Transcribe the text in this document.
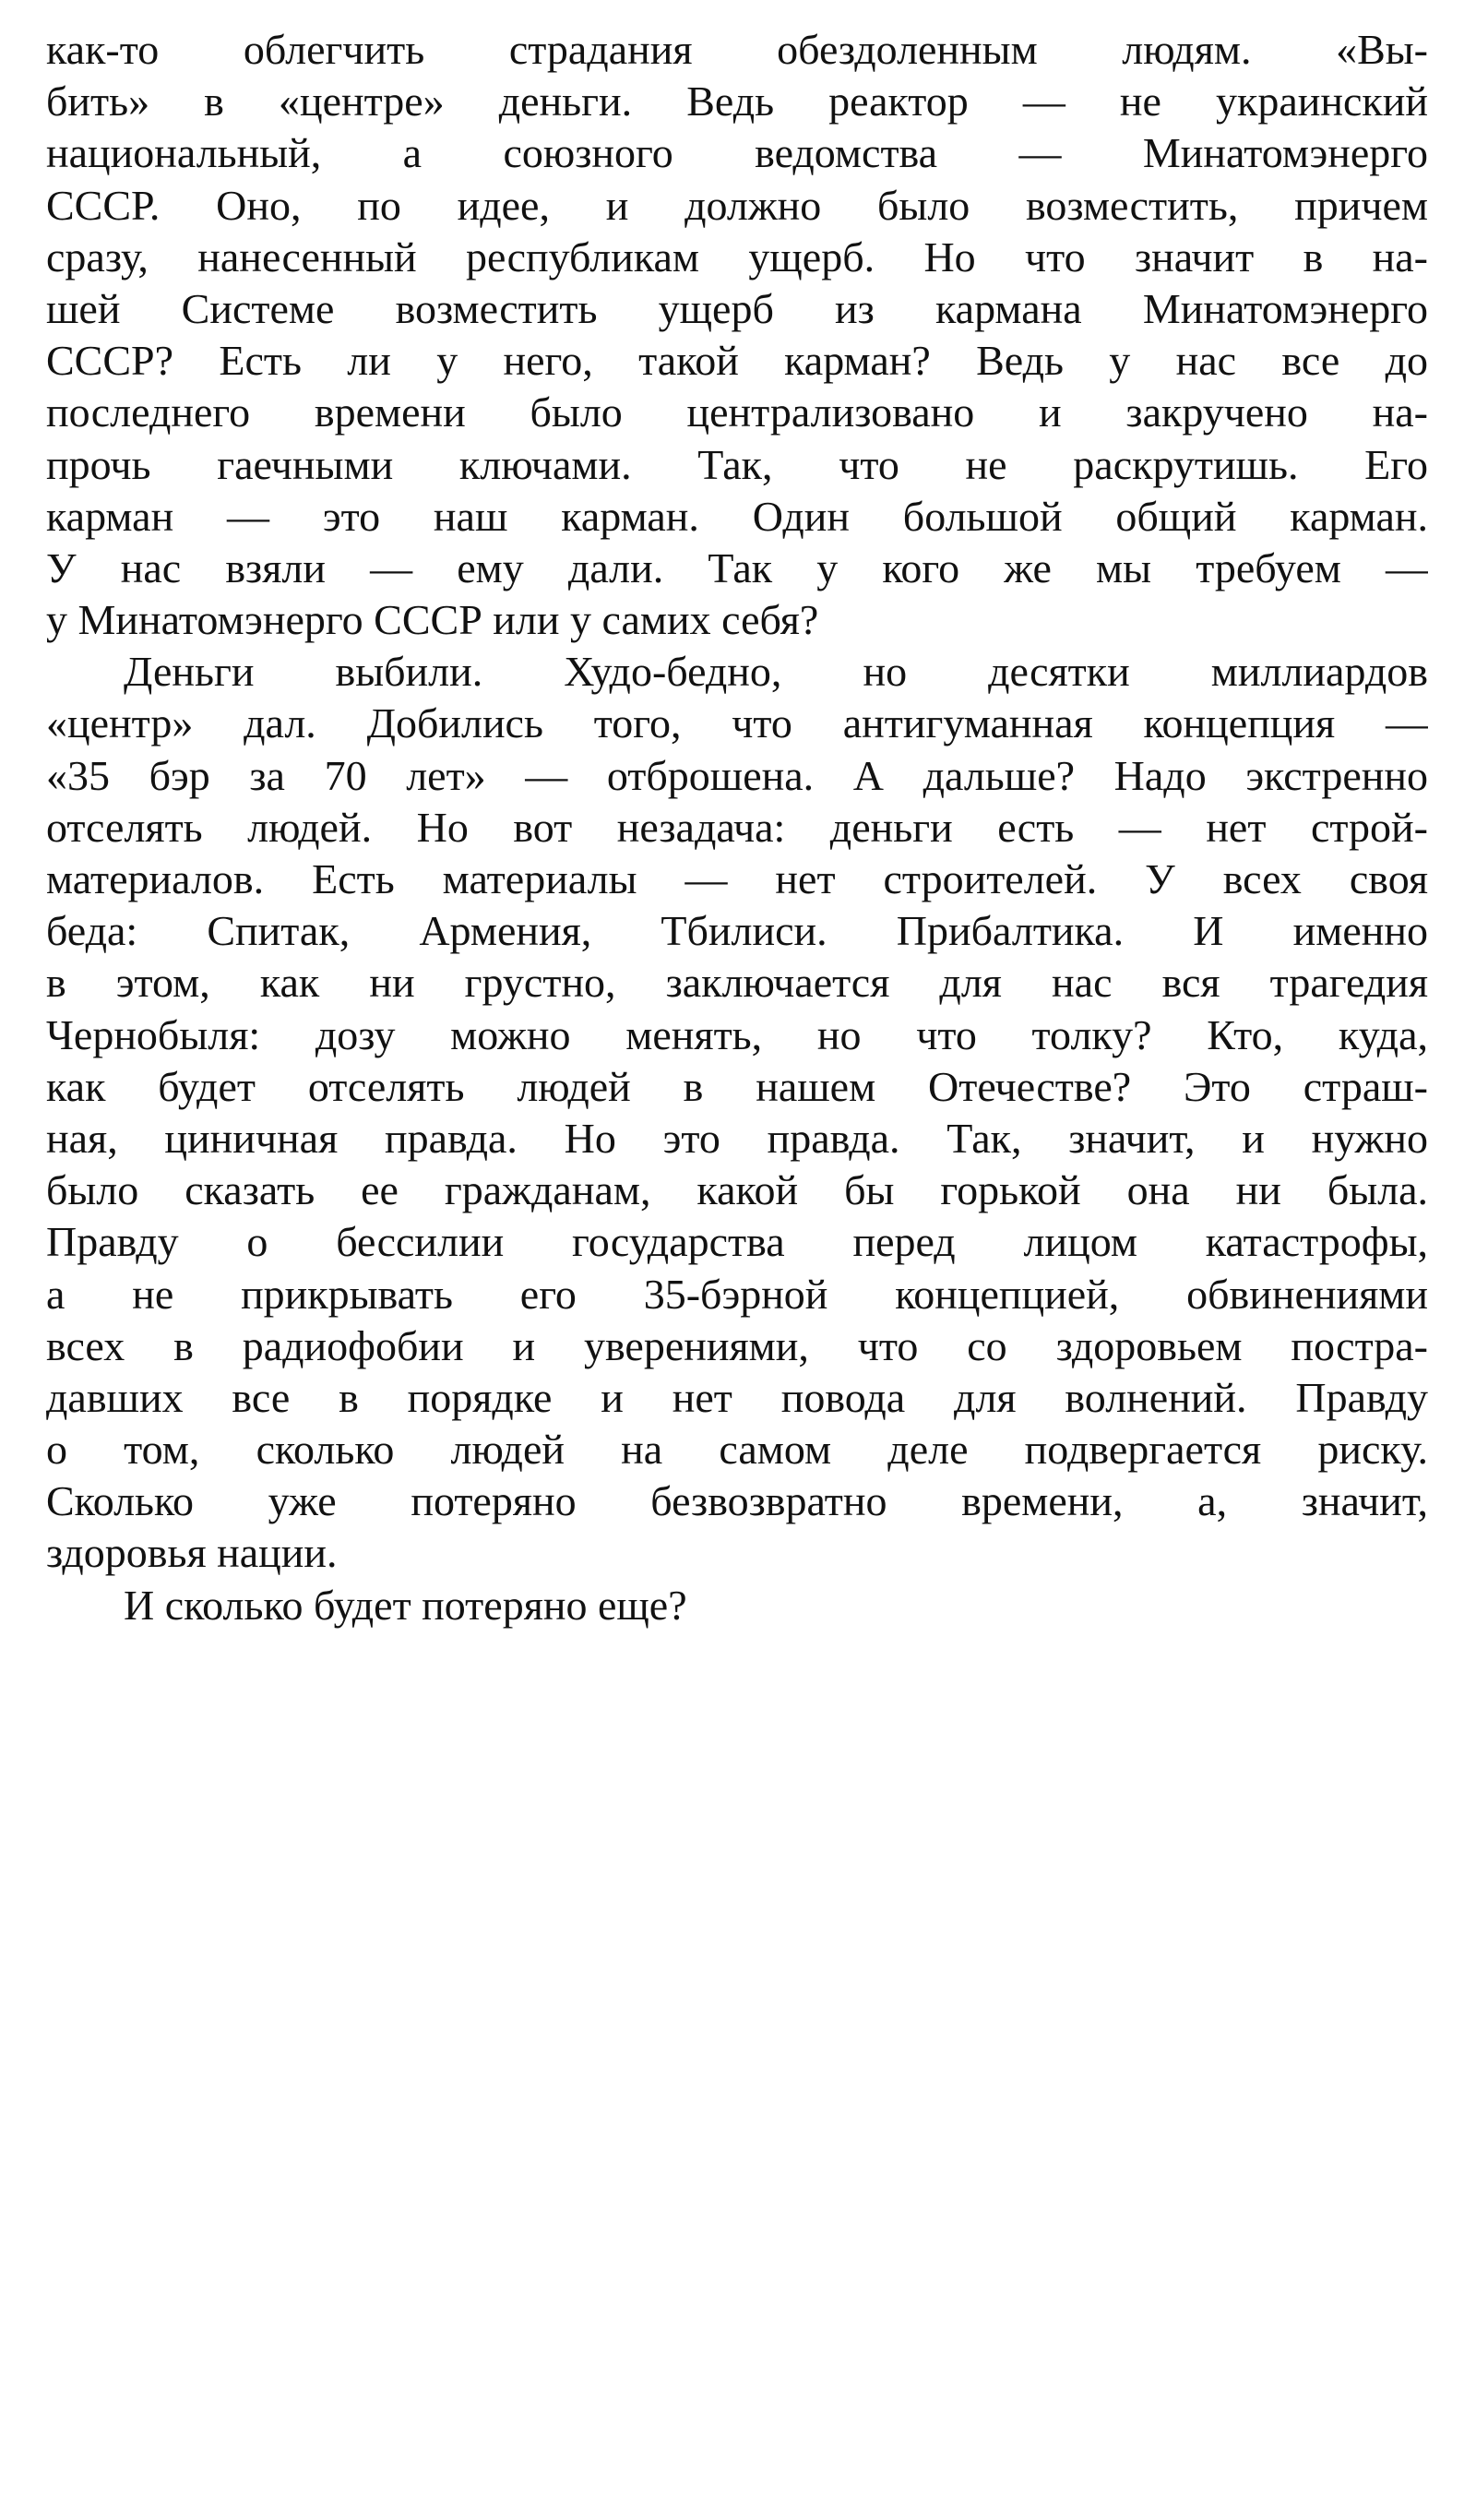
как-то облегчить страдания обездоленным людям. «Вы-
бить» в «центре» деньги. Ведь реактор — не украинский
национальный, а союзного ведомства — Минатомэнерго
СССР. Оно, по идее, и должно было возместить, причем
сразу, нанесенный республикам ущерб. Но что значит в на-
шей Системе возместить ущерб из кармана Минатомэнерго
СССР? Есть ли у него, такой карман? Ведь у нас все до
последнего времени было централизовано и закручено на-
прочь гаечными ключами. Так, что не раскрутишь. Его
карман — это наш карман. Один большой общий карман.
У нас взяли — ему дали. Так у кого же мы требуем —
у Минатомэнерго СССР или у самих себя?
Деньги выбили. Худо-бедно, но десятки миллиардов
«центр» дал. Добились того, что антигуманная концепция —
«35 бэр за 70 лет» — отброшена. А дальше? Надо экстренно
отселять людей. Но вот незадача: деньги есть — нет строй-
материалов. Есть материалы — нет строителей. У всех своя
беда: Спитак, Армения, Тбилиси. Прибалтика. И именно
в этом, как ни грустно, заключается для нас вся трагедия
Чернобыля: дозу можно менять, но что толку? Кто, куда,
как будет отселять людей в нашем Отечестве? Это страш-
ная, циничная правда. Но это правда. Так, значит, и нужно
было сказать ее гражданам, какой бы горькой она ни была.
Правду о бессилии государства перед лицом катастрофы,
а не прикрывать его 35-бэрной концепцией, обвинениями
всех в радиофобии и уверениями, что со здоровьем постра-
давших все в порядке и нет повода для волнений. Правду
о том, сколько людей на самом деле подвергается риску.
Сколько уже потеряно безвозвратно времени, а, значит,
здоровья нации.
И сколько будет потеряно еще?
